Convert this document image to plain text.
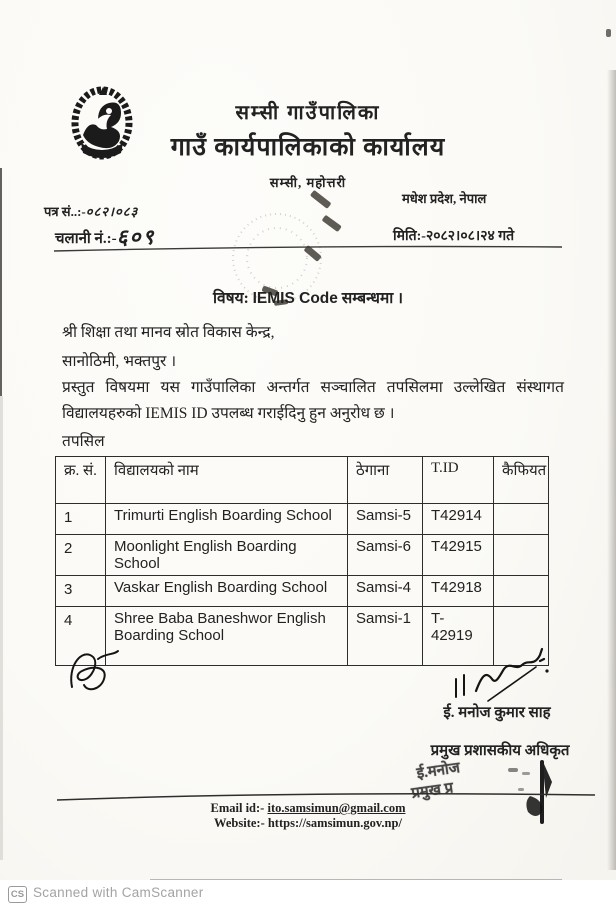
सम्सी गाउँपालिका
गाउँ कार्यपालिकाको कार्यालय
सम्सी, महोत्तरी
मधेश प्रदेश, नेपाल
पत्र सं..:-०८२।०८३
चलानी नं.:-६०९	मिति:-२०८२।०८।२४ गते
विषय: IEMIS Code सम्बन्धमा ।
श्री शिक्षा तथा मानव स्रोत विकास केन्द्र,
सानोठिमी, भक्तपुर ।
प्रस्तुत विषयमा यस गाउँपालिका अन्तर्गत सञ्चालित तपसिलमा उल्लेखित संस्थागत विद्यालयहरुको IEMIS ID उपलब्ध गराईदिनु हुन अनुरोध छ ।
तपसिल
क्र. सं.	विद्यालयको नाम	ठेगाना	T.ID	कैफियत
1	Trimurti English Boarding School	Samsi-5	T42914	
2	Moonlight English Boarding School	Samsi-6	T42915	
3	Vaskar English Boarding School	Samsi-4	T42918	
4	Shree Baba Baneshwor English Boarding School	Samsi-1	T-42919	
ई. मनोज कुमार साह
प्रमुख प्रशासकीय अधिकृत
ई.मनोज
प्रमुख प्र
Email id:- ito.samsimun@gmail.com
Website:- https://samsimun.gov.np/
CS Scanned with CamScanner
